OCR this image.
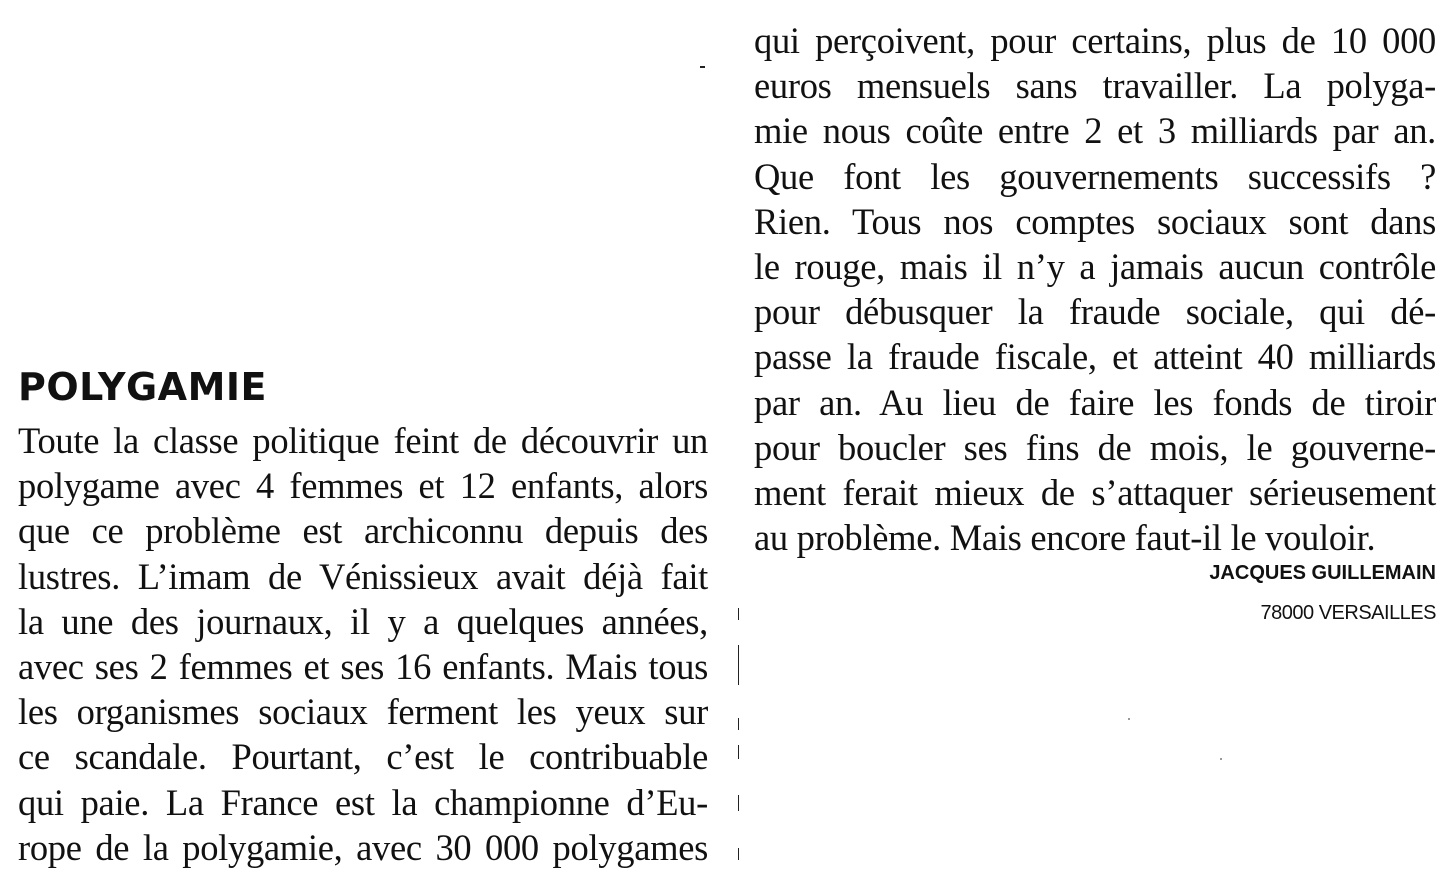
POLYGAMIE
Toute la classe politique feint de découvrir un
polygame avec 4 femmes et 12 enfants, alors
que ce problème est archiconnu depuis des
lustres. L’imam de Vénissieux avait déjà fait
la une des journaux, il y a quelques années,
avec ses 2 femmes et ses 16 enfants. Mais tous
les organismes sociaux ferment les yeux sur
ce scandale. Pourtant, c’est le contribuable
qui paie. La France est la championne d’Eu-
rope de la polygamie, avec 30 000 polygames
qui perçoivent, pour certains, plus de 10 000
euros mensuels sans travailler. La polyga-
mie nous coûte entre 2 et 3 milliards par an.
Que font les gouvernements successifs ?
Rien. Tous nos comptes sociaux sont dans
le rouge, mais il n’y a jamais aucun contrôle
pour débusquer la fraude sociale, qui dé-
passe la fraude fiscale, et atteint 40 milliards
par an. Au lieu de faire les fonds de tiroir
pour boucler ses fins de mois, le gouverne-
ment ferait mieux de s’attaquer sérieusement
au problème. Mais encore faut-il le vouloir.
JACQUES GUILLEMAIN
78000 VERSAILLES
